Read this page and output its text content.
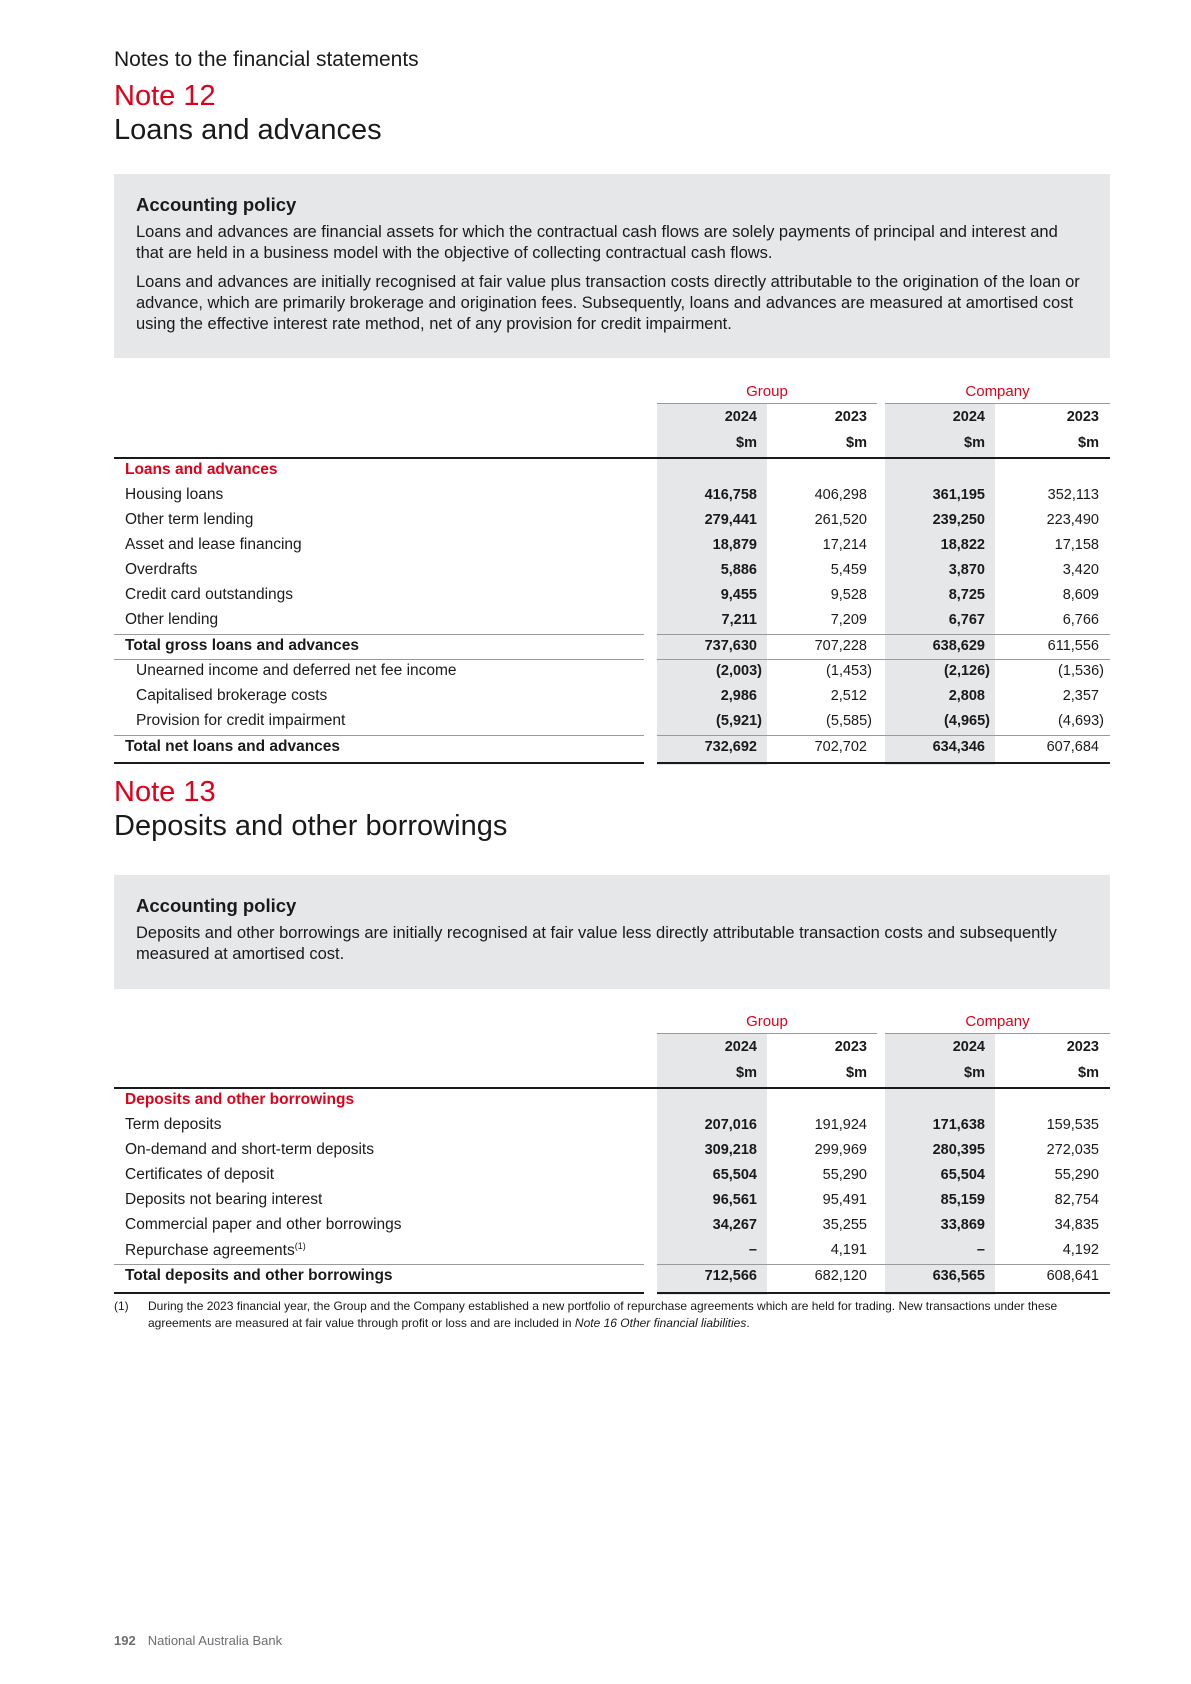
Notes to the financial statements
Note 12
Loans and advances
Accounting policy
Loans and advances are financial assets for which the contractual cash flows are solely payments of principal and interest and that are held in a business model with the objective of collecting contractual cash flows.
Loans and advances are initially recognised at fair value plus transaction costs directly attributable to the origination of the loan or advance, which are primarily brokerage and origination fees. Subsequently, loans and advances are measured at amortised cost using the effective interest rate method, net of any provision for credit impairment.
Group	Company
2024	2023	2024	2023
$m	$m	$m	$m
Loans and advances
Housing loans	416,758	406,298	361,195	352,113
Other term lending	279,441	261,520	239,250	223,490
Asset and lease financing	18,879	17,214	18,822	17,158
Overdrafts	5,886	5,459	3,870	3,420
Credit card outstandings	9,455	9,528	8,725	8,609
Other lending	7,211	7,209	6,767	6,766
Total gross loans and advances	737,630	707,228	638,629	611,556
Unearned income and deferred net fee income	(2,003)	(1,453)	(2,126)	(1,536)
Capitalised brokerage costs	2,986	2,512	2,808	2,357
Provision for credit impairment	(5,921)	(5,585)	(4,965)	(4,693)
Total net loans and advances	732,692	702,702	634,346	607,684
Note 13
Deposits and other borrowings
Accounting policy
Deposits and other borrowings are initially recognised at fair value less directly attributable transaction costs and subsequently measured at amortised cost.
Group	Company
2024	2023	2024	2023
$m	$m	$m	$m
Deposits and other borrowings
Term deposits	207,016	191,924	171,638	159,535
On-demand and short-term deposits	309,218	299,969	280,395	272,035
Certificates of deposit	65,504	55,290	65,504	55,290
Deposits not bearing interest	96,561	95,491	85,159	82,754
Commercial paper and other borrowings	34,267	35,255	33,869	34,835
Repurchase agreements$^{(1)}$	–	4,191	–	4,192
Total deposits and other borrowings	712,566	682,120	636,565	608,641
(1) During the 2023 financial year, the Group and the Company established a new portfolio of repurchase agreements which are held for trading. New transactions under these agreements are measured at fair value through profit or loss and are included in Note 16 Other financial liabilities.
192 National Australia Bank
